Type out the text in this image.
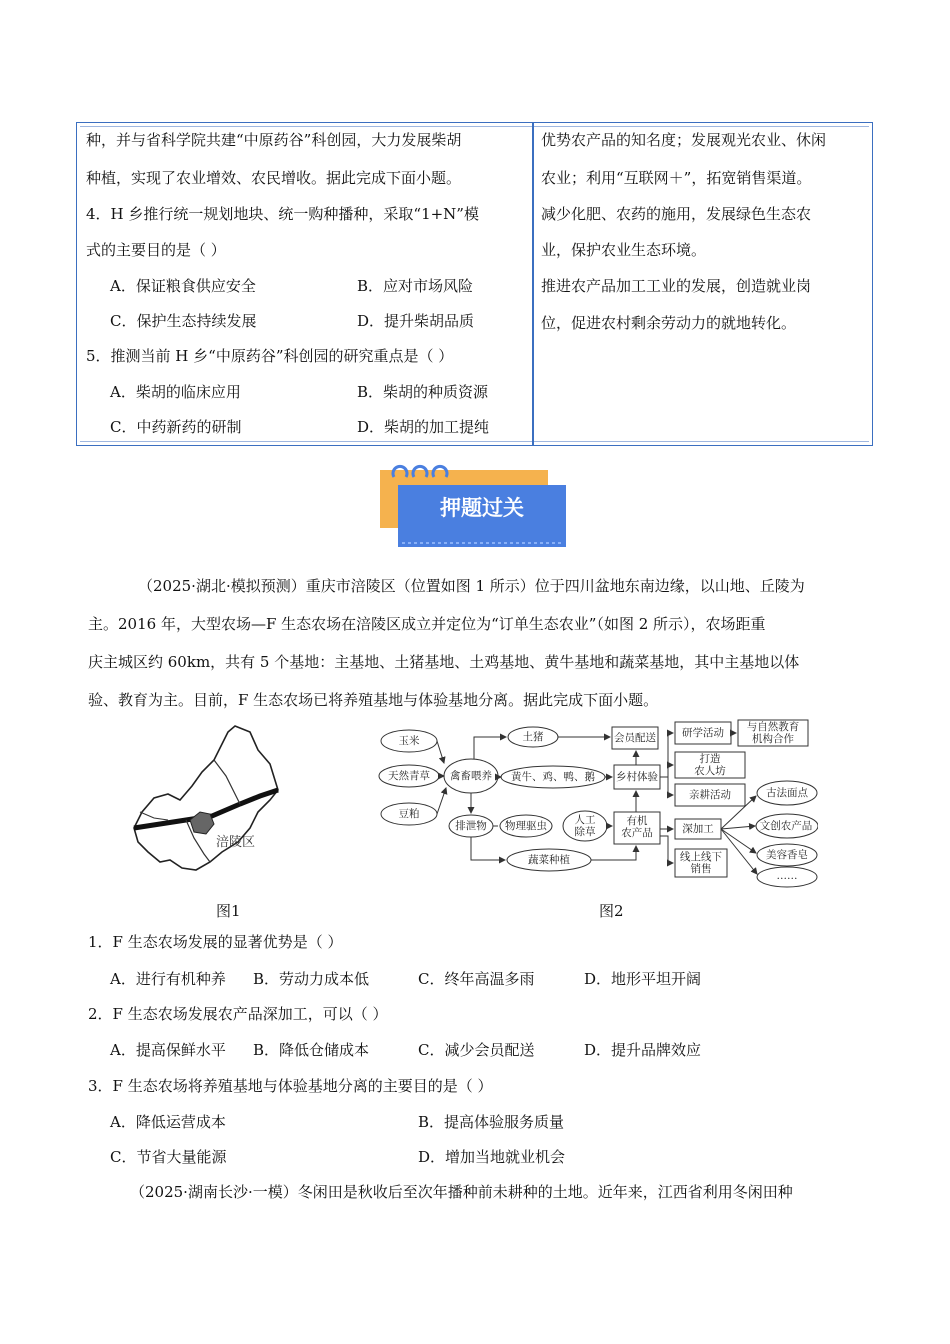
种，并与省科学院共建“中原药谷”科创园，大力发展柴胡
种植，实现了农业增效、农民增收。据此完成下面小题。
4．H 乡推行统一规划地块、统一购种播种，采取“1+N”模
式的主要目的是（ ）
A．保证粮食供应安全	B．应对市场风险
C．保护生态持续发展	D．提升柴胡品质
5．推测当前 H 乡“中原药谷”科创园的研究重点是（ ）
A．柴胡的临床应用	B．柴胡的种质资源
C．中药新药的研制	D．柴胡的加工提纯
优势农产品的知名度；发展观光农业、休闲
农业；利用“互联网＋”，拓宽销售渠道。
减少化肥、农药的施用，发展绿色生态农
业，保护农业生态环境。
推进农产品加工工业的发展，创造就业岗
位，促进农村剩余劳动力的就地转化。
押题过关
（2025·湖北·模拟预测）重庆市涪陵区（位置如图 1 所示）位于四川盆地东南边缘，以山地、丘陵为
主。2016 年，大型农场—F 生态农场在涪陵区成立并定位为“订单生态农业”（如图 2 所示），农场距重
庆主城区约 60km，共有 5 个基地：主基地、土猪基地、土鸡基地、黄牛基地和蔬菜基地，其中主基地以体
验、教育为主。目前，F 生态农场已将养殖基地与体验基地分离。据此完成下面小题。
涪陵区
图1
玉米
天然青草
豆粕
禽畜喂养
土猪
黄牛、鸡、鸭、鹅
会员配送
乡村体验
研学活动	与自然教育
机构合作
打造
农人坊
亲耕活动
排泄物	物理驱虫	人工
除草
有机
农产品
蔬菜种植
深加工
线上线下
销售
古法面点
文创农产品
美容香皂
……
图2
1．F 生态农场发展的显著优势是（ ）
A．进行有机种养 B．劳动力成本低	C．终年高温多雨	D．地形平坦开阔
2．F 生态农场发展农产品深加工，可以（ ）
A．提高保鲜水平 B．降低仓储成本	C．减少会员配送	D．提升品牌效应
3．F 生态农场将养殖基地与体验基地分离的主要目的是（ ）
A．降低运营成本	B．提高体验服务质量
C．节省大量能源	D．增加当地就业机会
（2025·湖南长沙·一模）冬闲田是秋收后至次年播种前未耕种的土地。近年来，江西省利用冬闲田种
